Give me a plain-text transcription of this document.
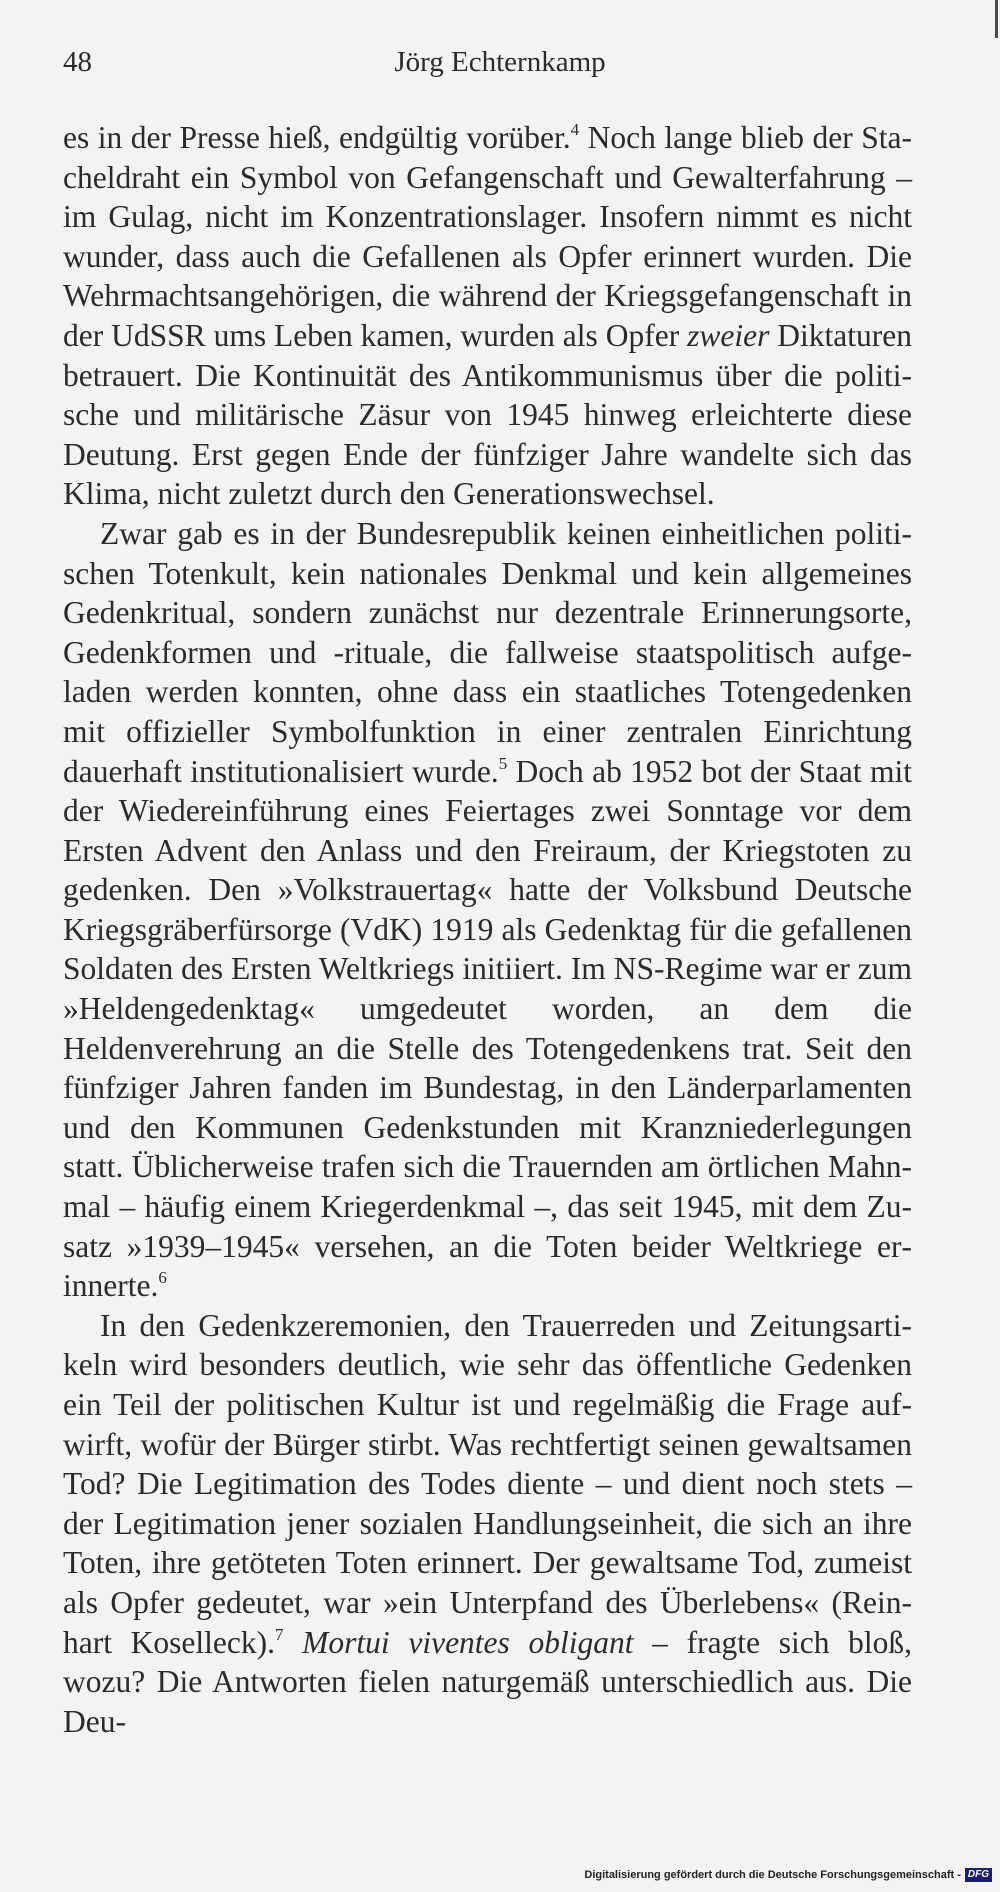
48	Jörg Echternkamp

es in der Presse hieß, endgültig vorüber.$^4$ Noch lange blieb der Stacheldraht ein Symbol von Gefangenschaft und Gewalterfahrung – im Gulag, nicht im Konzentrationslager. Insofern nimmt es nicht wunder, dass auch die Gefallenen als Opfer erinnert wurden. Die Wehrmachtsangehörigen, die während der Kriegsgefangenschaft in der UdSSR ums Leben kamen, wurden als Opfer zweier Diktaturen betrauert. Die Kontinuität des Antikommunismus über die politische und militärische Zäsur von 1945 hinweg erleichterte diese Deutung. Erst gegen Ende der fünfziger Jahre wandelte sich das Klima, nicht zuletzt durch den Generationswechsel.

Zwar gab es in der Bundesrepublik keinen einheitlichen politischen Totenkult, kein nationales Denkmal und kein allgemeines Gedenkritual, sondern zunächst nur dezentrale Erinnerungsorte, Gedenkformen und -rituale, die fallweise staatspolitisch aufgeladen werden konnten, ohne dass ein staatliches Totengedenken mit offizieller Symbolfunktion in einer zentralen Einrichtung dauerhaft institutionalisiert wurde.$^5$ Doch ab 1952 bot der Staat mit der Wiedereinführung eines Feiertages zwei Sonntage vor dem Ersten Advent den Anlass und den Freiraum, der Kriegstoten zu gedenken. Den »Volkstrauertag« hatte der Volksbund Deutsche Kriegsgräberfürsorge (VdK) 1919 als Gedenktag für die gefallenen Soldaten des Ersten Weltkriegs initiiert. Im NS-Regime war er zum »Heldengedenktag« umgedeutet worden, an dem die Heldenverehrung an die Stelle des Totengedenkens trat. Seit den fünfziger Jahren fanden im Bundestag, in den Länderparlamenten und den Kommunen Gedenkstunden mit Kranzniederlegungen statt. Üblicherweise trafen sich die Trauernden am örtlichen Mahnmal – häufig einem Kriegerdenkmal –, das seit 1945, mit dem Zusatz »1939–1945« versehen, an die Toten beider Weltkriege erinnerte.$^6$

In den Gedenkzeremonien, den Trauerreden und Zeitungsartikeln wird besonders deutlich, wie sehr das öffentliche Gedenken ein Teil der politischen Kultur ist und regelmäßig die Frage aufwirft, wofür der Bürger stirbt. Was rechtfertigt seinen gewaltsamen Tod? Die Legitimation des Todes diente – und dient noch stets – der Legitimation jener sozialen Handlungseinheit, die sich an ihre Toten, ihre getöteten Toten erinnert. Der gewaltsame Tod, zumeist als Opfer gedeutet, war »ein Unterpfand des Überlebens« (Reinhart Koselleck).$^7$ Mortui viventes obligant – fragte sich bloß, wozu? Die Antworten fielen naturgemäß unterschiedlich aus. Die Deu-

Digitalisierung gefördert durch die Deutsche Forschungsgemeinschaft - DFG
